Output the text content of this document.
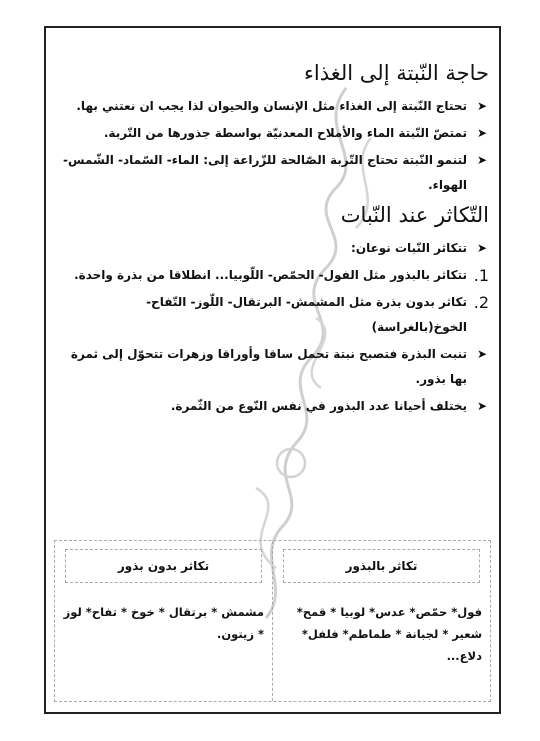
حاجة النّبتة إلى الغذاء
➤
تحتاج النّبتة إلى الغذاء مثل الإنسان والحيوان لذا يجب ان نعتني بها.
➤
تمتصّ النّبتة الماء والأملاح المعدنيّة بواسطة جذورها من التّربة.
➤
لتنمو النّبتة تحتاج التّربة الصّالحة للزّراعة إلى: الماء- السّماد- الشّمس- الهواء.
التّكاثر عند النّبات
➤
تتكاثر النّبات نوعان:
1.
تتكاثر بالبذور مثل الفول- الحمّص- اللّوبيا... انطلاقا من بذرة واحدة.
2.
تكاثر بدون بذرة مثل المشمش- البرتقال- اللّوز- التّفاح- الخوخ(بالغراسة)
➤
تنبت البذرة فتصبح نبتة تحمل ساقا وأوراقا وزهرات تتحوّل إلى ثمرة بها بذور.
➤
يختلف أحيانا عدد البذور في نفس النّوع من الثّمرة.
تكاثر بالبذور
فول* حمّص* عدس* لوبيا * قمح* شعير * لجبانة * طماطم* فلفل* دلاع...
تكاثر بدون بذور
مشمش * برتقال * خوخ * تفاح* لوز * زيتون.
